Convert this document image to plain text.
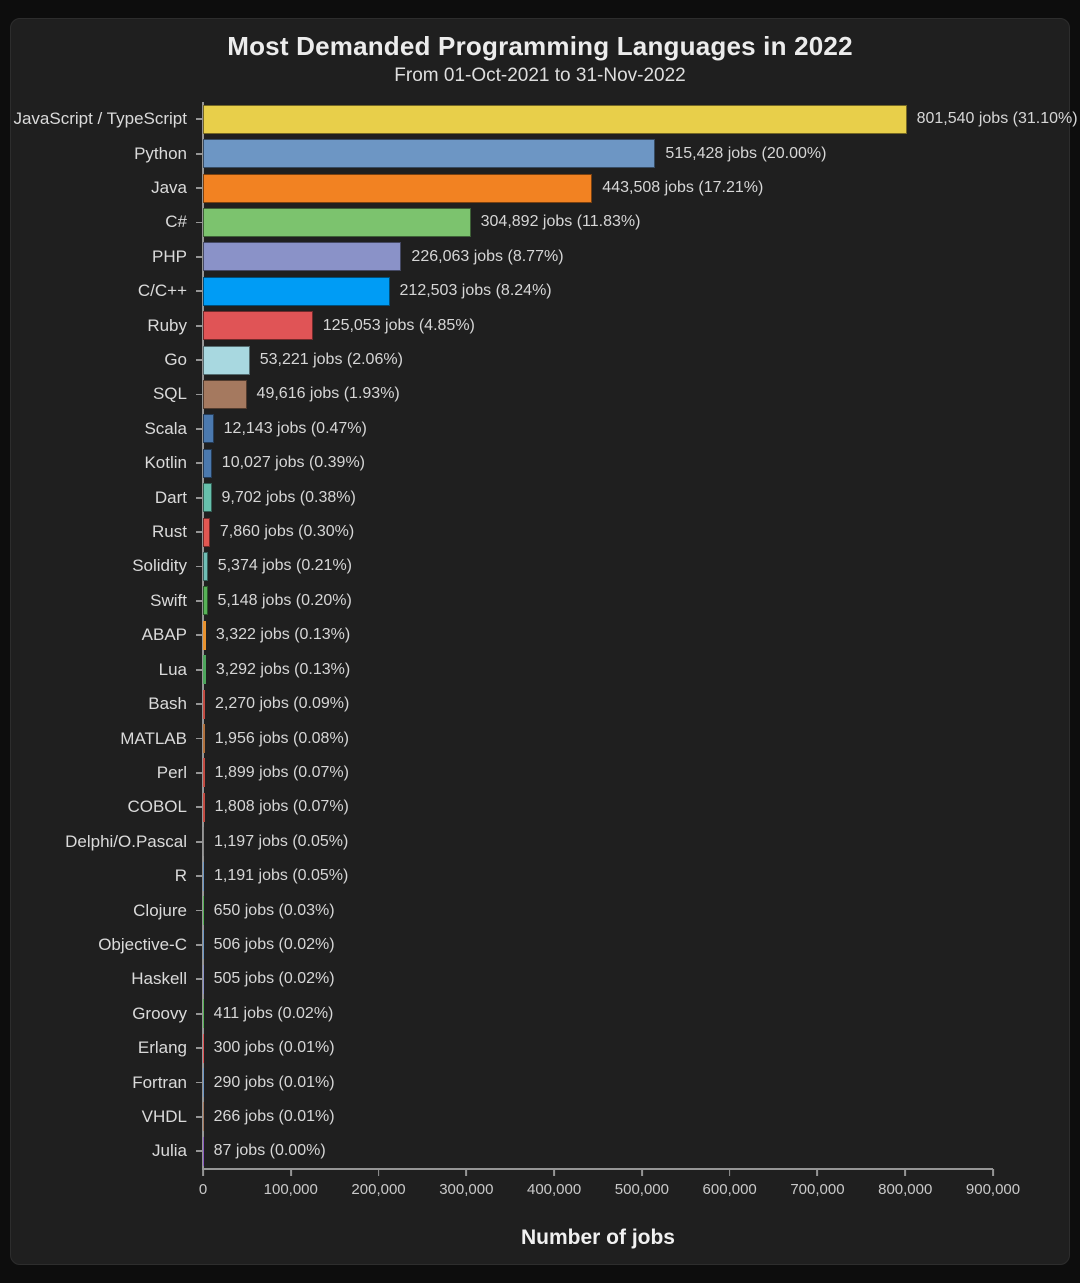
Most Demanded Programming Languages in 2022
From 01-Oct-2021 to 31-Nov-2022
JavaScript / TypeScript	801,540 jobs (31.10%)
Python	515,428 jobs (20.00%)
Java	443,508 jobs (17.21%)
C#	304,892 jobs (11.83%)
PHP	226,063 jobs (8.77%)
C/C++	212,503 jobs (8.24%)
Ruby	125,053 jobs (4.85%)
Go	53,221 jobs (2.06%)
SQL	49,616 jobs (1.93%)
Scala 12,143 jobs (0.47%)
Kotlin 10,027 jobs (0.39%)
Dart 9,702 jobs (0.38%)
Rust 7,860 jobs (0.30%)
Solidity 5,374 jobs (0.21%)
Swift 5,148 jobs (0.20%)
ABAP 3,322 jobs (0.13%)
Lua 3,292 jobs (0.13%)
Bash 2,270 jobs (0.09%)
MATLAB 1,956 jobs (0.08%)
Perl 1,899 jobs (0.07%)
COBOL 1,808 jobs (0.07%)
Delphi/O.Pascal 1,197 jobs (0.05%)
R 1,191 jobs (0.05%)
Clojure 650 jobs (0.03%)
Objective-C 506 jobs (0.02%)
Haskell 505 jobs (0.02%)
Groovy 411 jobs (0.02%)
Erlang 300 jobs (0.01%)
Fortran 290 jobs (0.01%)
VHDL 266 jobs (0.01%)
Julia 87 jobs (0.00%)
0	100,000 200,000 300,000 400,000 500,000 600,000 700,000 800,000 900,000
Number of jobs
